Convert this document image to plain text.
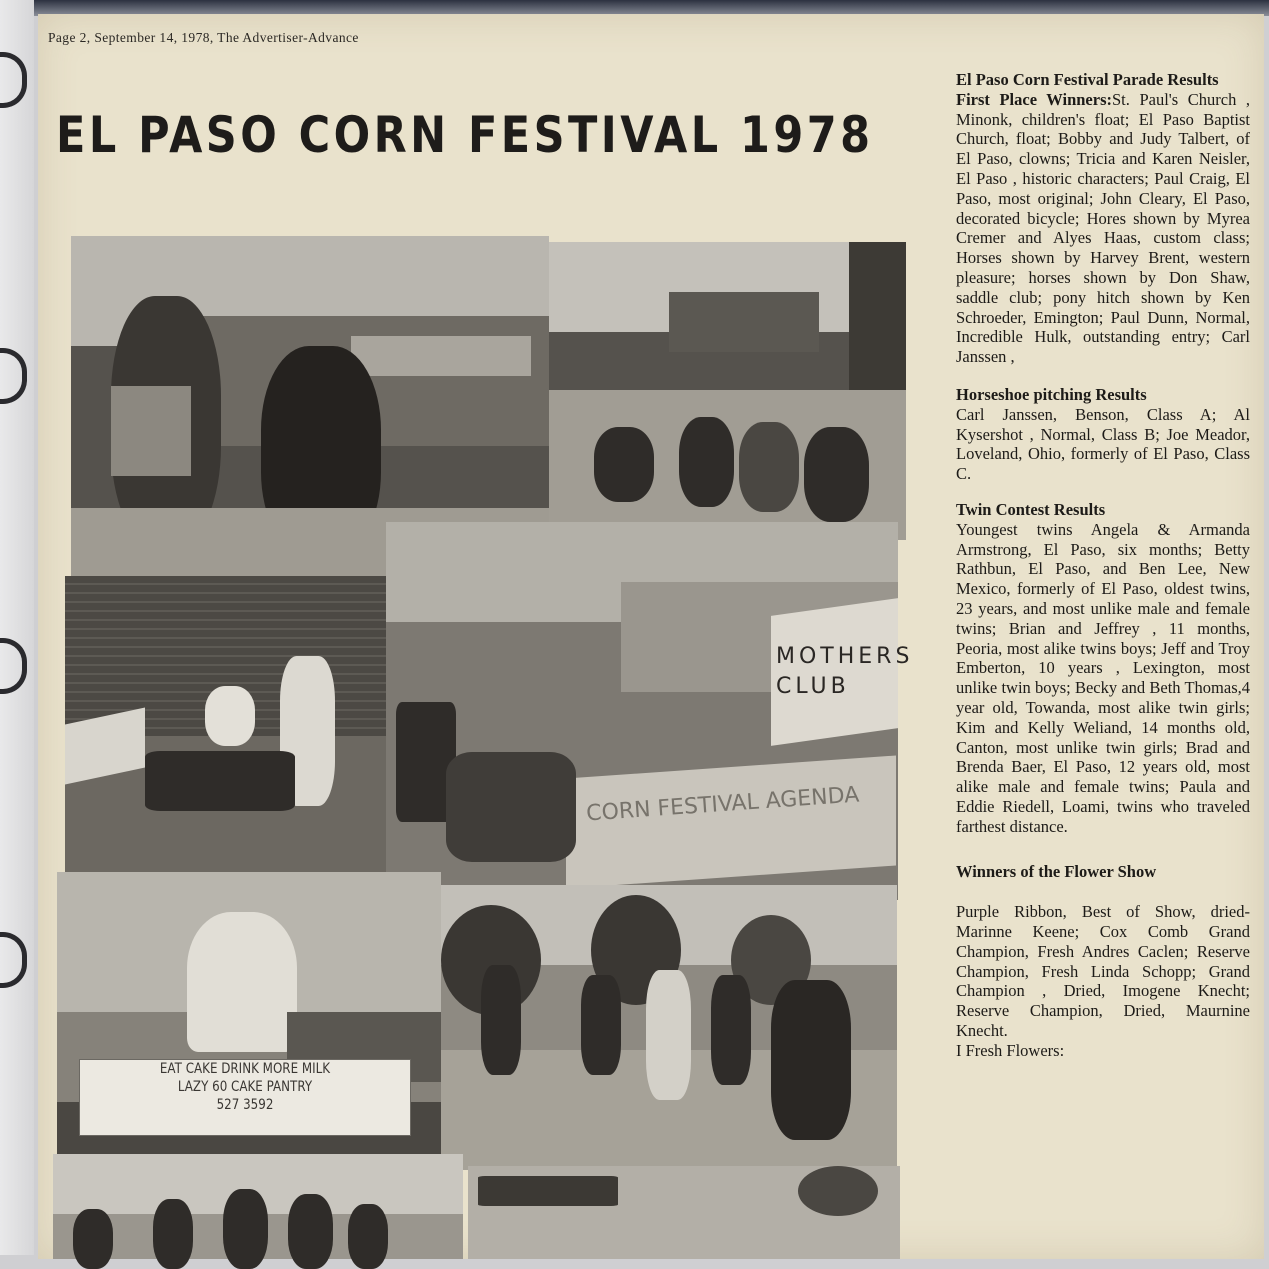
Page 2, September 14, 1978, The Advertiser-Advance
EL PASO CORN FESTIVAL 1978
MOTHERS CLUB
CORN FESTIVAL AGENDA
EAT CAKE DRINK MORE MILK
LAZY 60 CAKE PANTRY
527 3592
El Paso Corn Festival Parade Results

First Place Winners:St. Paul's Church , Minonk, children's float; El Paso Baptist Church, float; Bobby and Judy Talbert, of El Paso, clowns; Tricia and Karen Neisler, El Paso , historic characters; Paul Craig, El Paso, most original; John Cleary, El Paso, decorated bicycle; Hores shown by Myrea Cremer and Alyes Haas, custom class; Horses shown by Harvey Brent, western pleasure; horses shown by Don Shaw, saddle club; pony hitch shown by Ken Schroeder, Emington; Paul Dunn, Normal, Incredible Hulk, outstanding entry; Carl Janssen ,

Horseshoe pitching Results

Carl Janssen, Benson, Class A; Al Kysershot , Normal, Class B; Joe Meador, Loveland, Ohio, formerly of El Paso, Class C.

Twin Contest Results

Youngest twins Angela & Armanda Armstrong, El Paso, six months; Betty Rathbun, El Paso, and Ben Lee, New Mexico, formerly of El Paso, oldest twins, 23 years, and most unlike male and female twins; Brian and Jeffrey , 11 months, Peoria, most alike twins boys; Jeff and Troy Emberton, 10 years , Lexington, most unlike twin boys; Becky and Beth Thomas,4 year old, Towanda, most alike twin girls; Kim and Kelly Weliand, 14 months old, Canton, most unlike twin girls; Brad and Brenda Baer, El Paso, 12 years old, most alike male and female twins; Paula and Eddie Riedell, Loami, twins who traveled farthest distance.

Winners of the Flower Show

Purple Ribbon, Best of Show, dried-Marinne Keene; Cox Comb Grand Champion, Fresh Andres Caclen; Reserve Champion, Fresh Linda Schopp; Grand Champion , Dried, Imogene Knecht; Reserve Champion, Dried, Maurnine Knecht.

I Fresh Flowers:
